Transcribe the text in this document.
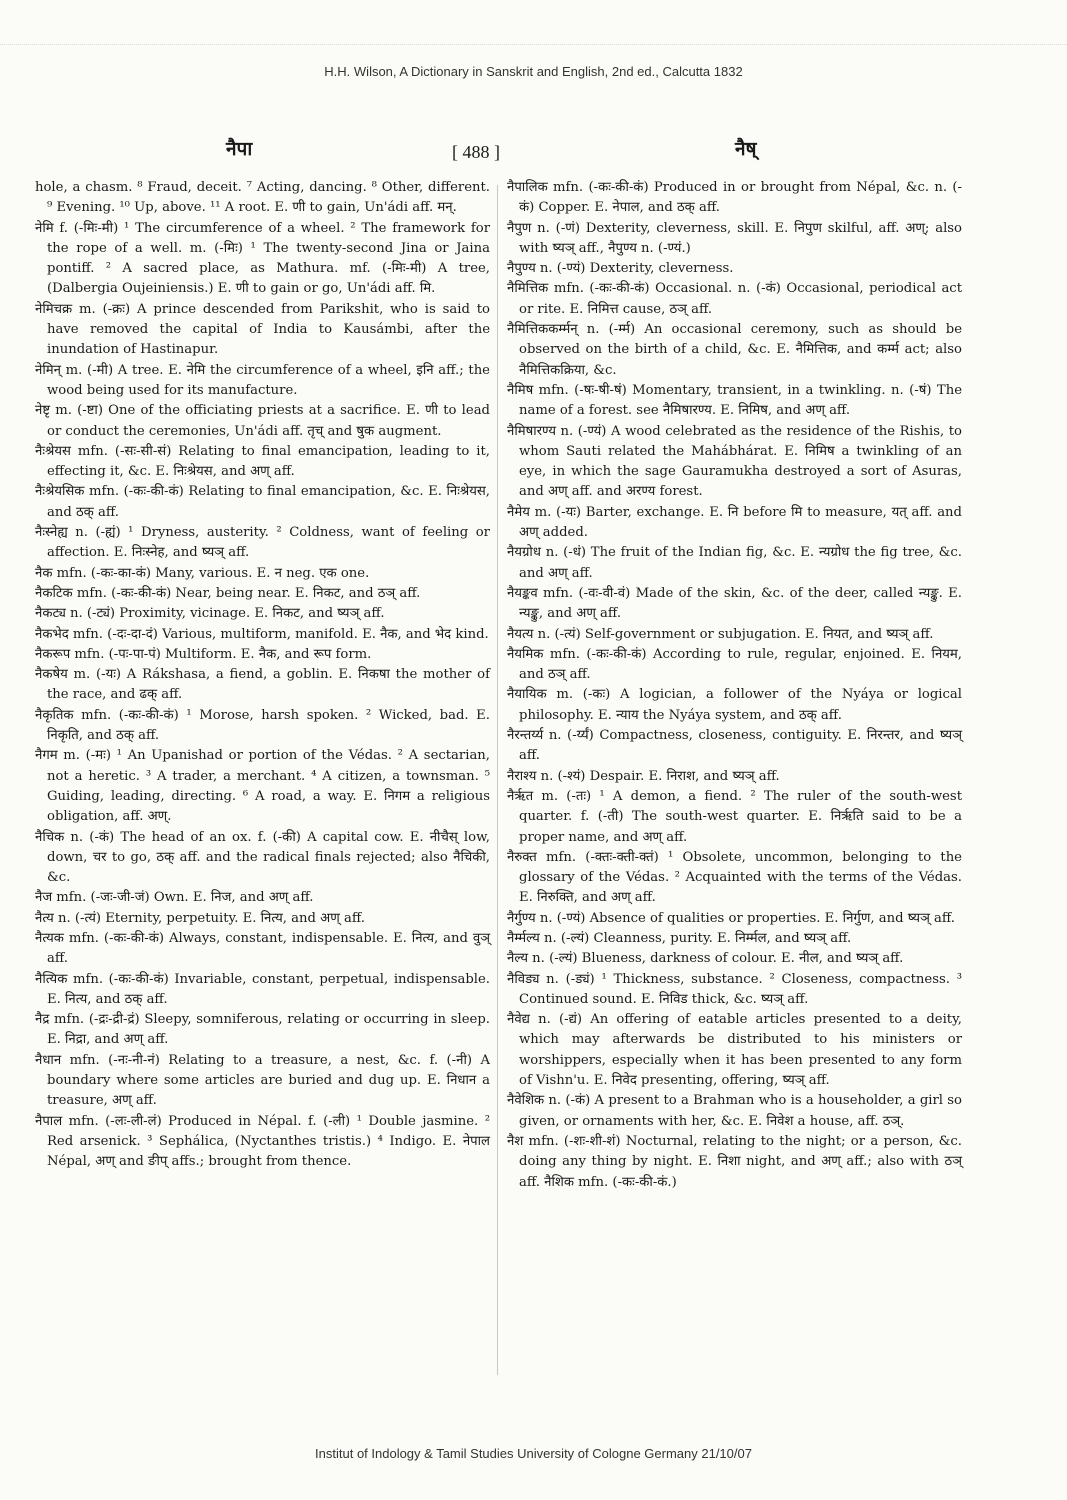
H.H. Wilson, A Dictionary in Sanskrit and English, 2nd ed., Calcutta 1832
नैपा	[ 488 ]	नैष्

hole, a chasm. ⁸ Fraud, deceit. ⁷ Acting, dancing. ⁸ Other, different. ⁹ Evening. ¹⁰ Up, above. ¹¹ A root. E. णी to gain, Un'ádi aff. मन्.

नेमि f. (-मिः-मी) ¹ The circumference of a wheel. ² The framework for the rope of a well. m. (-मिः) ¹ The twenty-second Jina or Jaina pontiff. ² A sacred place, as Mathura. mf. (-मिः-मी) A tree, (Dalbergia Oujeiniensis.) E. णी to gain or go, Un'ádi aff. मि.

नेमिचक्र m. (-क्रः) A prince descended from Parikshit, who is said to have removed the capital of India to Kausámbi, after the inundation of Hastinapur.

नेमिन् m. (-मी) A tree. E. नेमि the circumference of a wheel, इनि aff.; the wood being used for its manufacture.

नेष्टृ m. (-ष्टा) One of the officiating priests at a sacrifice. E. णी to lead or conduct the ceremonies, Un'ádi aff. तृच् and षुक augment.

नैःश्रेयस mfn. (-सः-सी-सं) Relating to final emancipation, leading to it, effecting it, &c. E. निःश्रेयस, and अण् aff.

नैःश्रेयसिक mfn. (-कः-की-कं) Relating to final emancipation, &c. E. निःश्रेयस, and ठक् aff.

नैःस्नेह्य n. (-ह्यं) ¹ Dryness, austerity. ² Coldness, want of feeling or affection. E. निःस्नेह, and ष्यञ् aff.

नैक mfn. (-कः-का-कं) Many, various. E. न neg. एक one.

नैकटिक mfn. (-कः-की-कं) Near, being near. E. निकट, and ठञ् aff.

नैकट्य n. (-ट्यं) Proximity, vicinage. E. निकट, and ष्यञ् aff.

नैकभेद mfn. (-दः-दा-दं) Various, multiform, manifold. E. नैक, and भेद kind.

नैकरूप mfn. (-पः-पा-पं) Multiform. E. नैक, and रूप form.

नैकषेय m. (-यः) A Rákshasa, a fiend, a goblin. E. निकषा the mother of the race, and ढक् aff.

नैकृतिक mfn. (-कः-की-कं) ¹ Morose, harsh spoken. ² Wicked, bad. E. निकृति, and ठक् aff.

नैगम m. (-मः) ¹ An Upanishad or portion of the Védas. ² A sectarian, not a heretic. ³ A trader, a merchant. ⁴ A citizen, a townsman. ⁵ Guiding, leading, directing. ⁶ A road, a way. E. निगम a religious obligation, aff. अण्.

नैचिक n. (-कं) The head of an ox. f. (-की) A capital cow. E. नीचैस् low, down, चर to go, ठक् aff. and the radical finals rejected; also नैचिकी, &c.

नैज mfn. (-जः-जी-जं) Own. E. निज, and अण् aff.

नैत्य n. (-त्यं) Eternity, perpetuity. E. नित्य, and अण् aff.

नैत्यक mfn. (-कः-की-कं) Always, constant, indispensable. E. नित्य, and वुञ् aff.

नैत्यिक mfn. (-कः-की-कं) Invariable, constant, perpetual, indispensable. E. नित्य, and ठक् aff.

नैद्र mfn. (-द्रः-द्री-द्रं) Sleepy, somniferous, relating or occurring in sleep. E. निद्रा, and अण् aff.

नैधान mfn. (-नः-नी-नं) Relating to a treasure, a nest, &c. f. (-नी) A boundary where some articles are buried and dug up. E. निधान a treasure, अण् aff.

नैपाल mfn. (-लः-ली-लं) Produced in Népal. f. (-ली) ¹ Double jasmine. ² Red arsenick. ³ Sephálica, (Nyctanthes tristis.) ⁴ Indigo. E. नेपाल Népal, अण् and ङीप् affs.; brought from thence.

नैपालिक mfn. (-कः-की-कं) Produced in or brought from Népal, &c. n. (-कं) Copper. E. नेपाल, and ठक् aff.

नैपुण n. (-णं) Dexterity, cleverness, skill. E. निपुण skilful, aff. अण्; also with ष्यञ् aff., नैपुण्य n. (-ण्यं.)

नैपुण्य n. (-ण्यं) Dexterity, cleverness.

नैमित्तिक mfn. (-कः-की-कं) Occasional. n. (-कं) Occasional, periodical act or rite. E. निमित्त cause, ठञ् aff.

नैमित्तिककर्म्मन् n. (-र्म्म) An occasional ceremony, such as should be observed on the birth of a child, &c. E. नैमित्तिक, and कर्म्म act; also नैमित्तिकक्रिया, &c.

नैमिष mfn. (-षः-षी-षं) Momentary, transient, in a twinkling. n. (-षं) The name of a forest. see नैमिषारण्य. E. निमिष, and अण् aff.

नैमिषारण्य n. (-ण्यं) A wood celebrated as the residence of the Rishis, to whom Sauti related the Mahábhárat. E. निमिष a twinkling of an eye, in which the sage Gauramukha destroyed a sort of Asuras, and अण् aff. and अरण्य forest.

नैमेय m. (-यः) Barter, exchange. E. नि before मि to measure, यत् aff. and अण् added.

नैयग्रोध n. (-धं) The fruit of the Indian fig, &c. E. न्यग्रोध the fig tree, &c. and अण् aff.

नैयङ्कव mfn. (-वः-वी-वं) Made of the skin, &c. of the deer, called न्यङ्कु. E. न्यङ्कु, and अण् aff.

नैयत्य n. (-त्यं) Self-government or subjugation. E. नियत, and ष्यञ् aff.

नैयमिक mfn. (-कः-की-कं) According to rule, regular, enjoined. E. नियम, and ठञ् aff.

नैयायिक m. (-कः) A logician, a follower of the Nyáya or logical philosophy. E. न्याय the Nyáya system, and ठक् aff.

नैरन्तर्य्य n. (-र्य्यं) Compactness, closeness, contiguity. E. निरन्तर, and ष्यञ् aff.

नैराश्य n. (-श्यं) Despair. E. निराश, and ष्यञ् aff.

नैर्ऋत m. (-तः) ¹ A demon, a fiend. ² The ruler of the south-west quarter. f. (-ती) The south-west quarter. E. निर्ऋति said to be a proper name, and अण् aff.

नैरुक्त mfn. (-क्तः-क्ती-क्तं) ¹ Obsolete, uncommon, belonging to the glossary of the Védas. ² Acquainted with the terms of the Védas. E. निरुक्ति, and अण् aff.

नैर्गुण्य n. (-ण्यं) Absence of qualities or properties. E. निर्गुण, and ष्यञ् aff.

नैर्म्मल्य n. (-ल्यं) Cleanness, purity. E. निर्म्मल, and ष्यञ् aff.

नैल्य n. (-ल्यं) Blueness, darkness of colour. E. नील, and ष्यञ् aff.

नैविड्य n. (-ड्यं) ¹ Thickness, substance. ² Closeness, compactness. ³ Continued sound. E. निविड thick, &c. ष्यञ् aff.

नैवेद्य n. (-द्यं) An offering of eatable articles presented to a deity, which may afterwards be distributed to his ministers or worshippers, especially when it has been presented to any form of Vishn'u. E. निवेद presenting, offering, ष्यञ् aff.

नैवेशिक n. (-कं) A present to a Brahman who is a householder, a girl so given, or ornaments with her, &c. E. निवेश a house, aff. ठञ्.

नैश mfn. (-शः-शी-शं) Nocturnal, relating to the night; or a person, &c. doing any thing by night. E. निशा night, and अण् aff.; also with ठञ् aff. नैशिक mfn. (-कः-की-कं.)

Institut of Indology & Tamil Studies University of Cologne Germany 21/10/07
